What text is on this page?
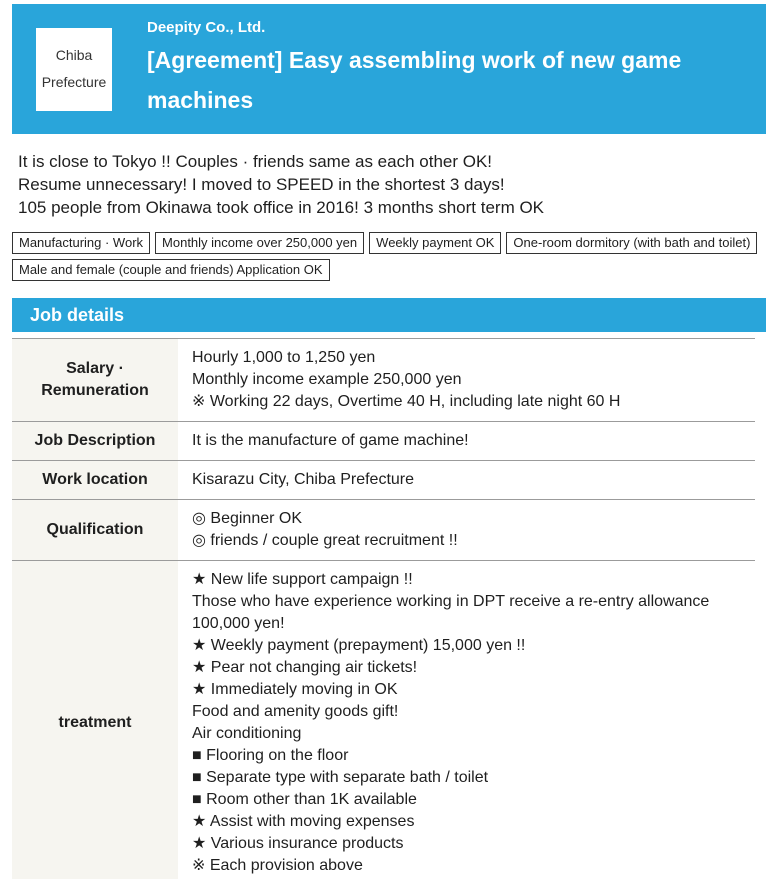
Chiba Prefecture
Deepity Co., Ltd.
[Agreement] Easy assembling work of new game machines
It is close to Tokyo !! Couples · friends same as each other OK!
Resume unnecessary! I moved to SPEED in the shortest 3 days!
105 people from Okinawa took office in 2016! 3 months short term OK
Manufacturing · Work Monthly income over 250,000 yen Weekly payment OK One-room dormitory (with bath and toilet)Male and female (couple and friends) Application OK
Job details
Salary · Remuneration
Hourly 1,000 to 1,250 yen
Monthly income example 250,000 yen
※ Working 22 days, Overtime 40 H, including late night 60 H
Job Description	It is the manufacture of game machine!
Work location	Kisarazu City, Chiba Prefecture
Qualification
◎ Beginner OK
◎ friends / couple great recruitment !!
treatment
★ New life support campaign !!
Those who have experience working in DPT receive a re-entry allowance 100,000 yen!
★ Weekly payment (prepayment) 15,000 yen !!
★ Pear not changing air tickets!
★ Immediately moving in OK
Food and amenity goods gift!
Air conditioning
■ Flooring on the floor
■ Separate type with separate bath / toilet
■ Room other than 1K available
★ Assist with moving expenses
★ Various insurance products
※ Each provision above
